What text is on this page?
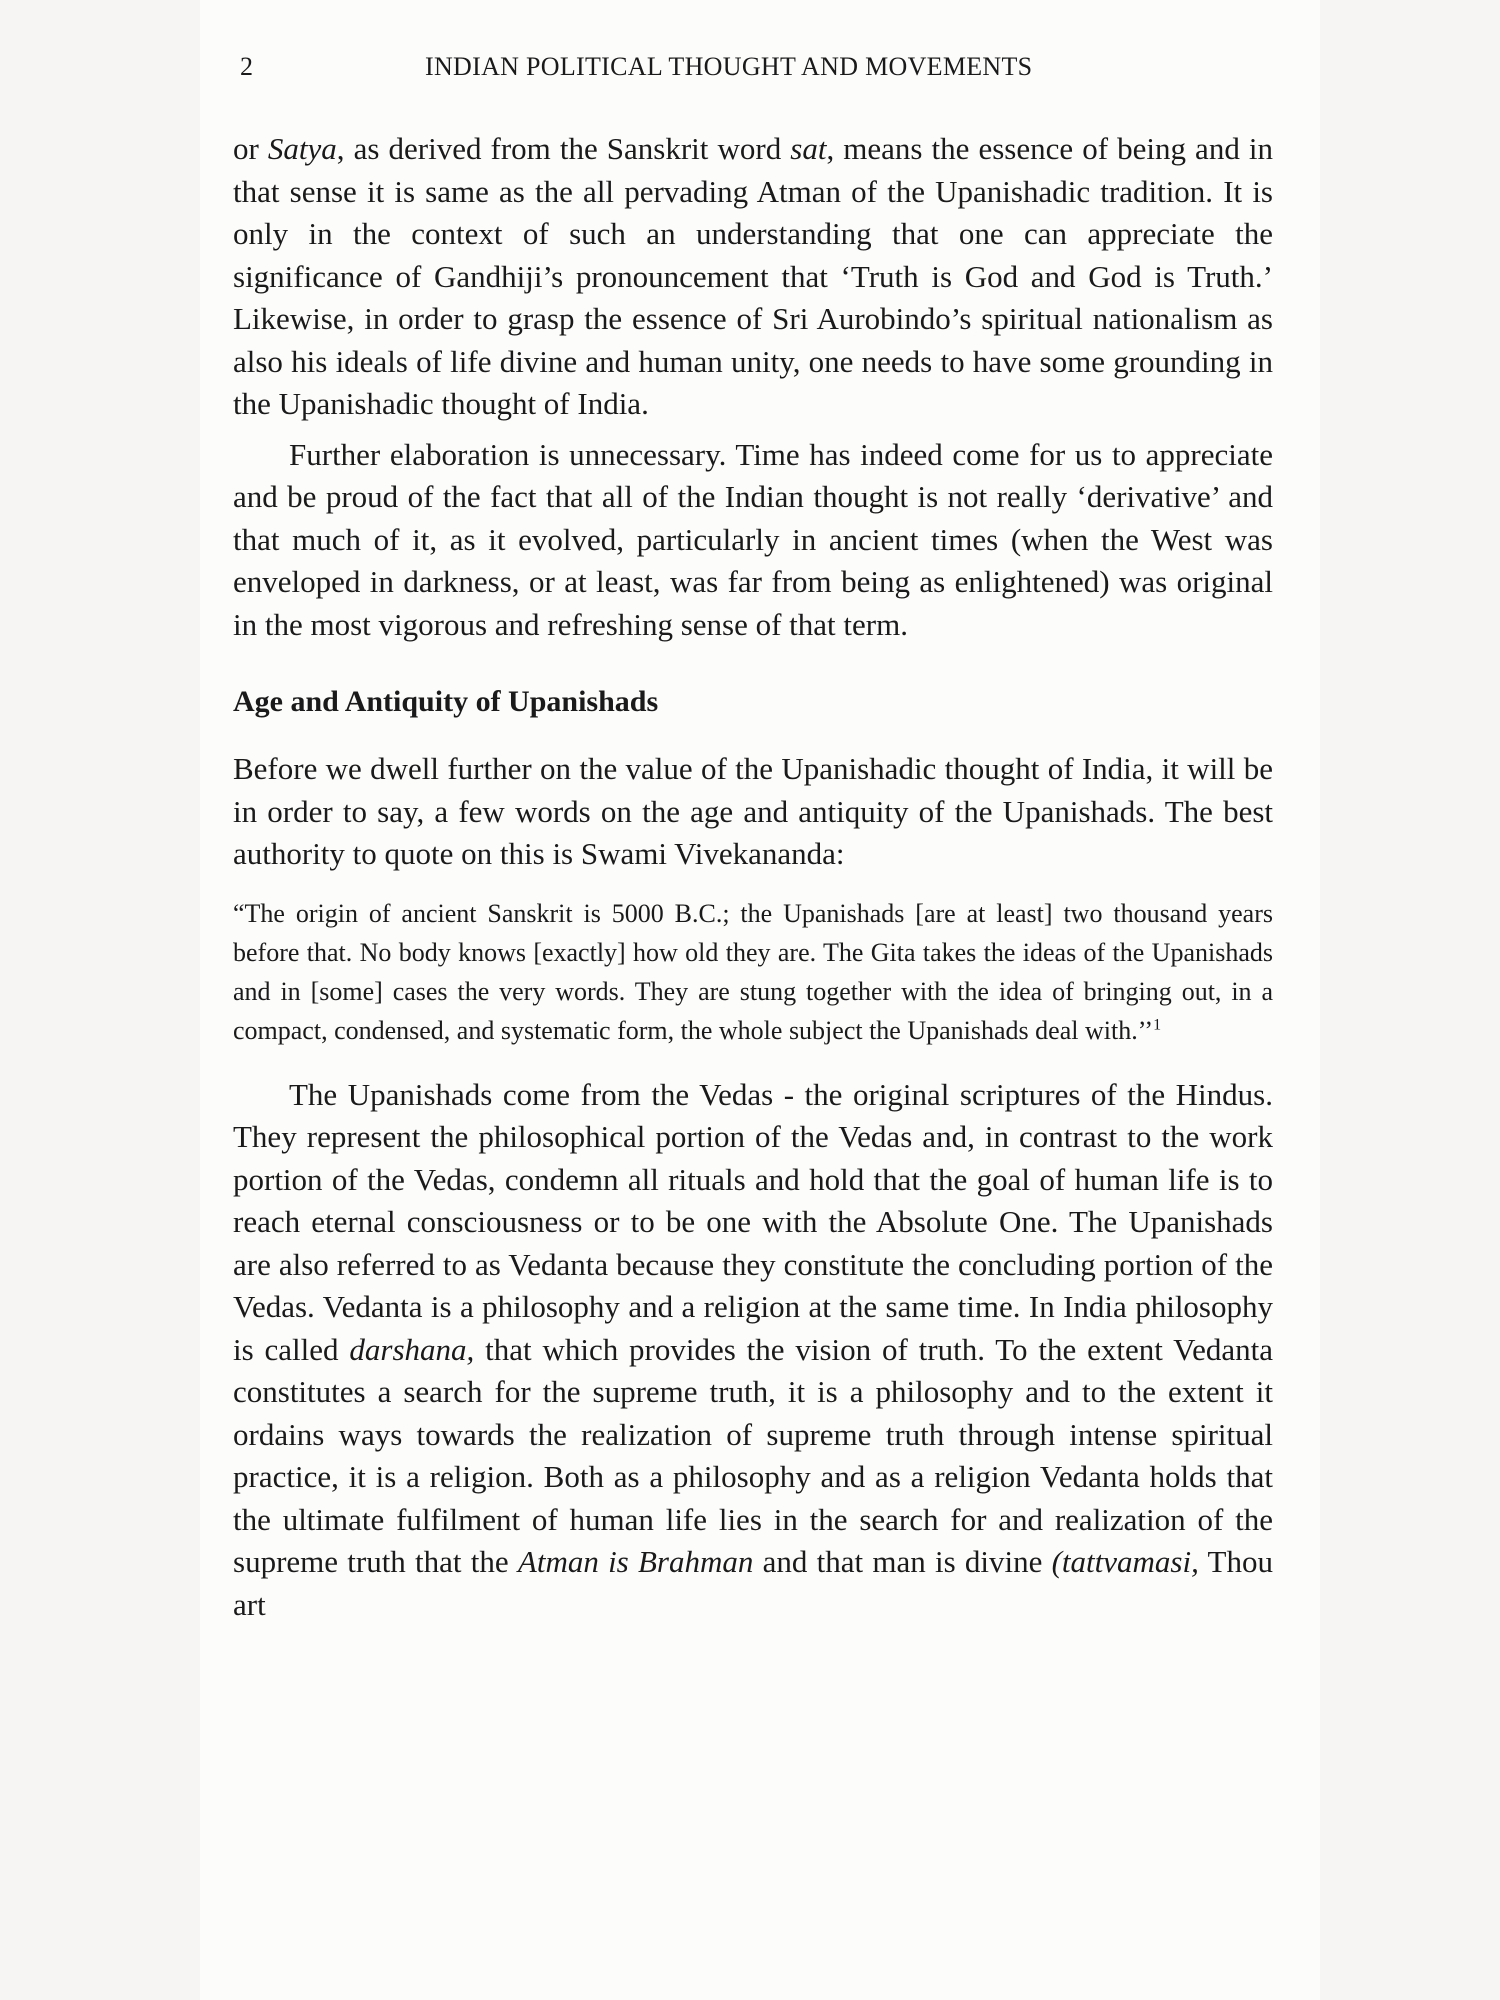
2	INDIAN POLITICAL THOUGHT AND MOVEMENTS

or Satya, as derived from the Sanskrit word sat, means the essence of being and in that sense it is same as the all pervading Atman of the Upanishadic tradition. It is only in the context of such an understanding that one can appreciate the significance of Gandhiji’s pronouncement that ‘Truth is God and God is Truth.’ Likewise, in order to grasp the essence of Sri Aurobindo’s spiritual nationalism as also his ideals of life divine and human unity, one needs to have some grounding in the Upanishadic thought of India.

Further elaboration is unnecessary. Time has indeed come for us to appreciate and be proud of the fact that all of the Indian thought is not really ‘derivative’ and that much of it, as it evolved, particularly in ancient times (when the West was enveloped in darkness, or at least, was far from being as enlightened) was original in the most vigorous and refreshing sense of that term.

Age and Antiquity of Upanishads

Before we dwell further on the value of the Upanishadic thought of India, it will be in order to say, a few words on the age and antiquity of the Upanishads. The best authority to quote on this is Swami Vivekananda:

“The origin of ancient Sanskrit is 5000 B.C.; the Upanishads [are at least] two thousand years before that. No body knows [exactly] how old they are. The Gita takes the ideas of the Upanishads and in [some] cases the very words. They are stung together with the idea of bringing out, in a compact, condensed, and systematic form, the whole subject the Upanishads deal with.’’$^1$

The Upanishads come from the Vedas - the original scriptures of the Hindus. They represent the philosophical portion of the Vedas and, in contrast to the work portion of the Vedas, condemn all rituals and hold that the goal of human life is to reach eternal consciousness or to be one with the Absolute One. The Upanishads are also referred to as Vedanta because they constitute the concluding portion of the Vedas. Vedanta is a philosophy and a religion at the same time. In India philosophy is called darshana, that which provides the vision of truth. To the extent Vedanta constitutes a search for the supreme truth, it is a philosophy and to the extent it ordains ways towards the realization of supreme truth through intense spiritual practice, it is a religion. Both as a philosophy and as a religion Vedanta holds that the ultimate fulfilment of human life lies in the search for and realization of the supreme truth that the Atman is Brahman and that man is divine (tattvamasi, Thou art
